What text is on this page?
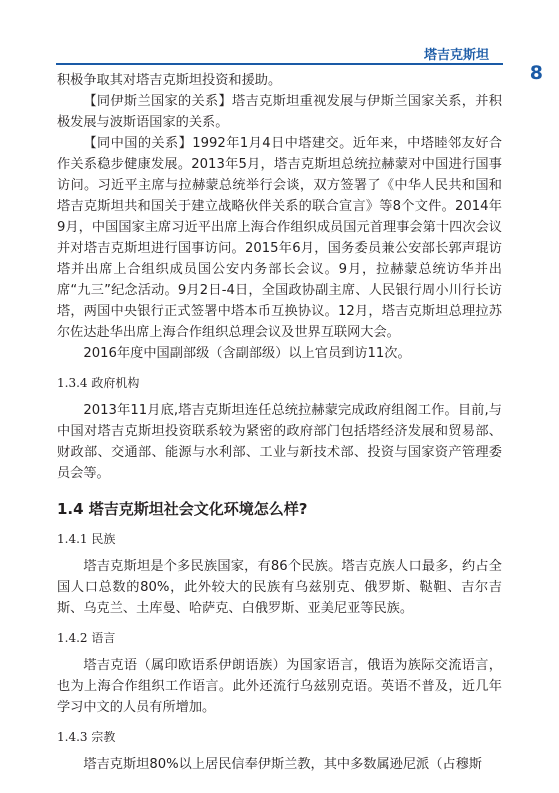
塔吉克斯坦
8

积极争取其对塔吉克斯坦投资和援助。

【同伊斯兰国家的关系】塔吉克斯坦重视发展与伊斯兰国家关系，并积极发展与波斯语国家的关系。

【同中国的关系】1992年1月4日中塔建交。近年来，中塔睦邻友好合作关系稳步健康发展。2013年5月，塔吉克斯坦总统拉赫蒙对中国进行国事访问。习近平主席与拉赫蒙总统举行会谈，双方签署了《中华人民共和国和塔吉克斯坦共和国关于建立战略伙伴关系的联合宣言》等8个文件。2014年9月，中国国家主席习近平出席上海合作组织成员国元首理事会第十四次会议并对塔吉克斯坦进行国事访问。2015年6月，国务委员兼公安部长郭声琨访塔并出席上合组织成员国公安内务部长会议。9月，拉赫蒙总统访华并出席“九三”纪念活动。9月2日-4日，全国政协副主席、人民银行周小川行长访塔，两国中央银行正式签署中塔本币互换协议。12月，塔吉克斯坦总理拉苏尔佐达赴华出席上海合作组织总理会议及世界互联网大会。

2016年度中国副部级（含副部级）以上官员到访11次。

1.3.4 政府机构

2013年11月底,塔吉克斯坦连任总统拉赫蒙完成政府组阁工作。目前,与中国对塔吉克斯坦投资联系较为紧密的政府部门包括塔经济发展和贸易部、财政部、交通部、能源与水利部、工业与新技术部、投资与国家资产管理委员会等。

1.4 塔吉克斯坦社会文化环境怎么样?
1.4.1 民族

塔吉克斯坦是个多民族国家，有86个民族。塔吉克族人口最多，约占全国人口总数的80%，此外较大的民族有乌兹别克、俄罗斯、鞑靼、吉尔吉斯、乌克兰、土库曼、哈萨克、白俄罗斯、亚美尼亚等民族。

1.4.2 语言

塔吉克语（属印欧语系伊朗语族）为国家语言，俄语为族际交流语言，也为上海合作组织工作语言。此外还流行乌兹别克语。英语不普及，近几年学习中文的人员有所增加。

1.4.3 宗教

塔吉克斯坦80%以上居民信奉伊斯兰教，其中多数属逊尼派（占穆斯
